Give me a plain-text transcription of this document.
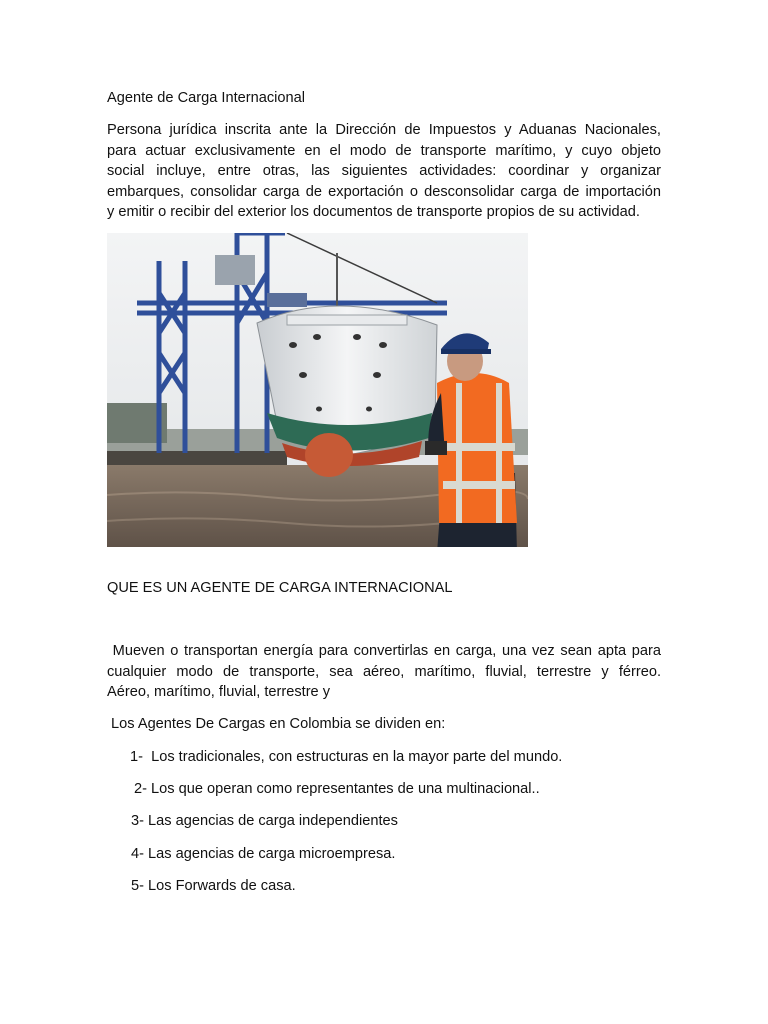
Agente de Carga Internacional

Persona jurídica inscrita ante la Dirección de Impuestos y Aduanas Nacionales,
para actuar exclusivamente en el modo de transporte marítimo, y cuyo objeto
social incluye, entre otras, las siguientes actividades: coordinar y organizar
embarques, consolidar carga de exportación o desconsolidar carga de importación
y emitir o recibir del exterior los documentos de transporte propios de su actividad.

QUE ES UN AGENTE DE CARGA INTERNACIONAL

Mueven o transportan energía para convertirlas en carga, una vez sean apta para
cualquier modo de transporte, sea aéreo, marítimo, fluvial, terrestre y férreo.
Aéreo, marítimo, fluvial, terrestre y

Los Agentes De Cargas en Colombia se dividen en:

1-  Los tradicionales, con estructuras en la mayor parte del mundo.

2- Los que operan como representantes de una multinacional..

3- Las agencias de carga independientes

4- Las agencias de carga microempresa.

5- Los Forwards de casa.
